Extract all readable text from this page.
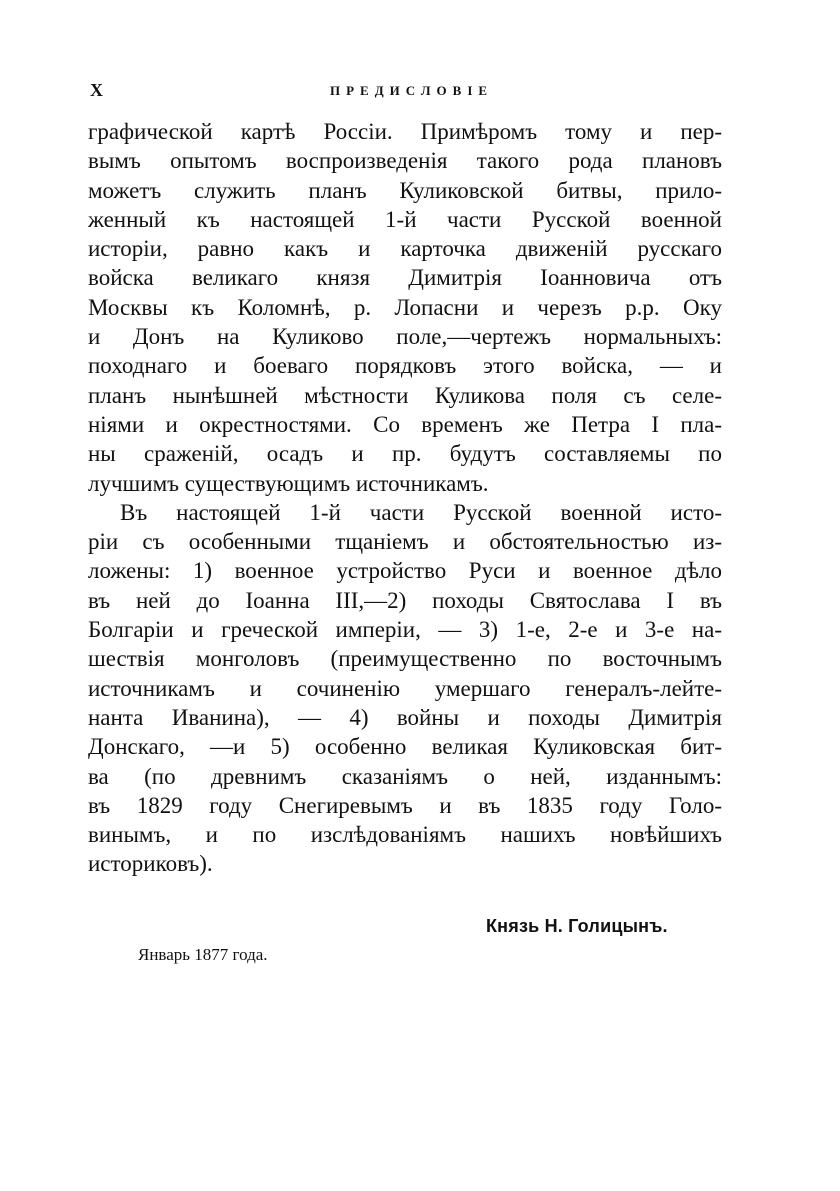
X	ПРЕДИСЛОВІЕ
графической картѣ Россіи. Примѣромъ тому и пер-
вымъ опытомъ воспроизведенія такого рода плановъ
можетъ служить планъ Куликовской битвы, прило-
женный къ настоящей 1-й части Русской военной
исторіи, равно какъ и карточка движеній русскаго
войска великаго князя Димитрія Іоанновича отъ
Москвы къ Коломнѣ, р. Лопасни и черезъ р.р. Оку
и Донъ на Куликово поле,—чертежъ нормальныхъ:
походнаго и боеваго порядковъ этого войска, — и
планъ нынѣшней мѣстности Куликова поля съ селе-
ніями и окрестностями. Со временъ же Петра I пла-
ны сраженій, осадъ и пр. будутъ составляемы по
лучшимъ существующимъ источникамъ.
Въ настоящей 1-й части Русской военной исто-
ріи съ особенными тщаніемъ и обстоятельностью из-
ложены: 1) военное устройство Руси и военное дѣло
въ ней до Іоанна III,—2) походы Святослава I въ
Болгаріи и греческой имперіи, — 3) 1-е, 2-е и 3-е на-
шествія монголовъ (преимущественно по восточнымъ
источникамъ и сочиненію умершаго генералъ-лейте-
нанта Иванина), — 4) войны и походы Димитрія
Донскаго, —и 5) особенно великая Куликовская бит-
ва (по древнимъ сказаніямъ о ней, изданнымъ:
въ 1829 году Снегиревымъ и въ 1835 году Голо-
винымъ, и по изслѣдованіямъ нашихъ новѣйшихъ
историковъ).
Князь Н. Голицынъ.
Январь 1877 года.
